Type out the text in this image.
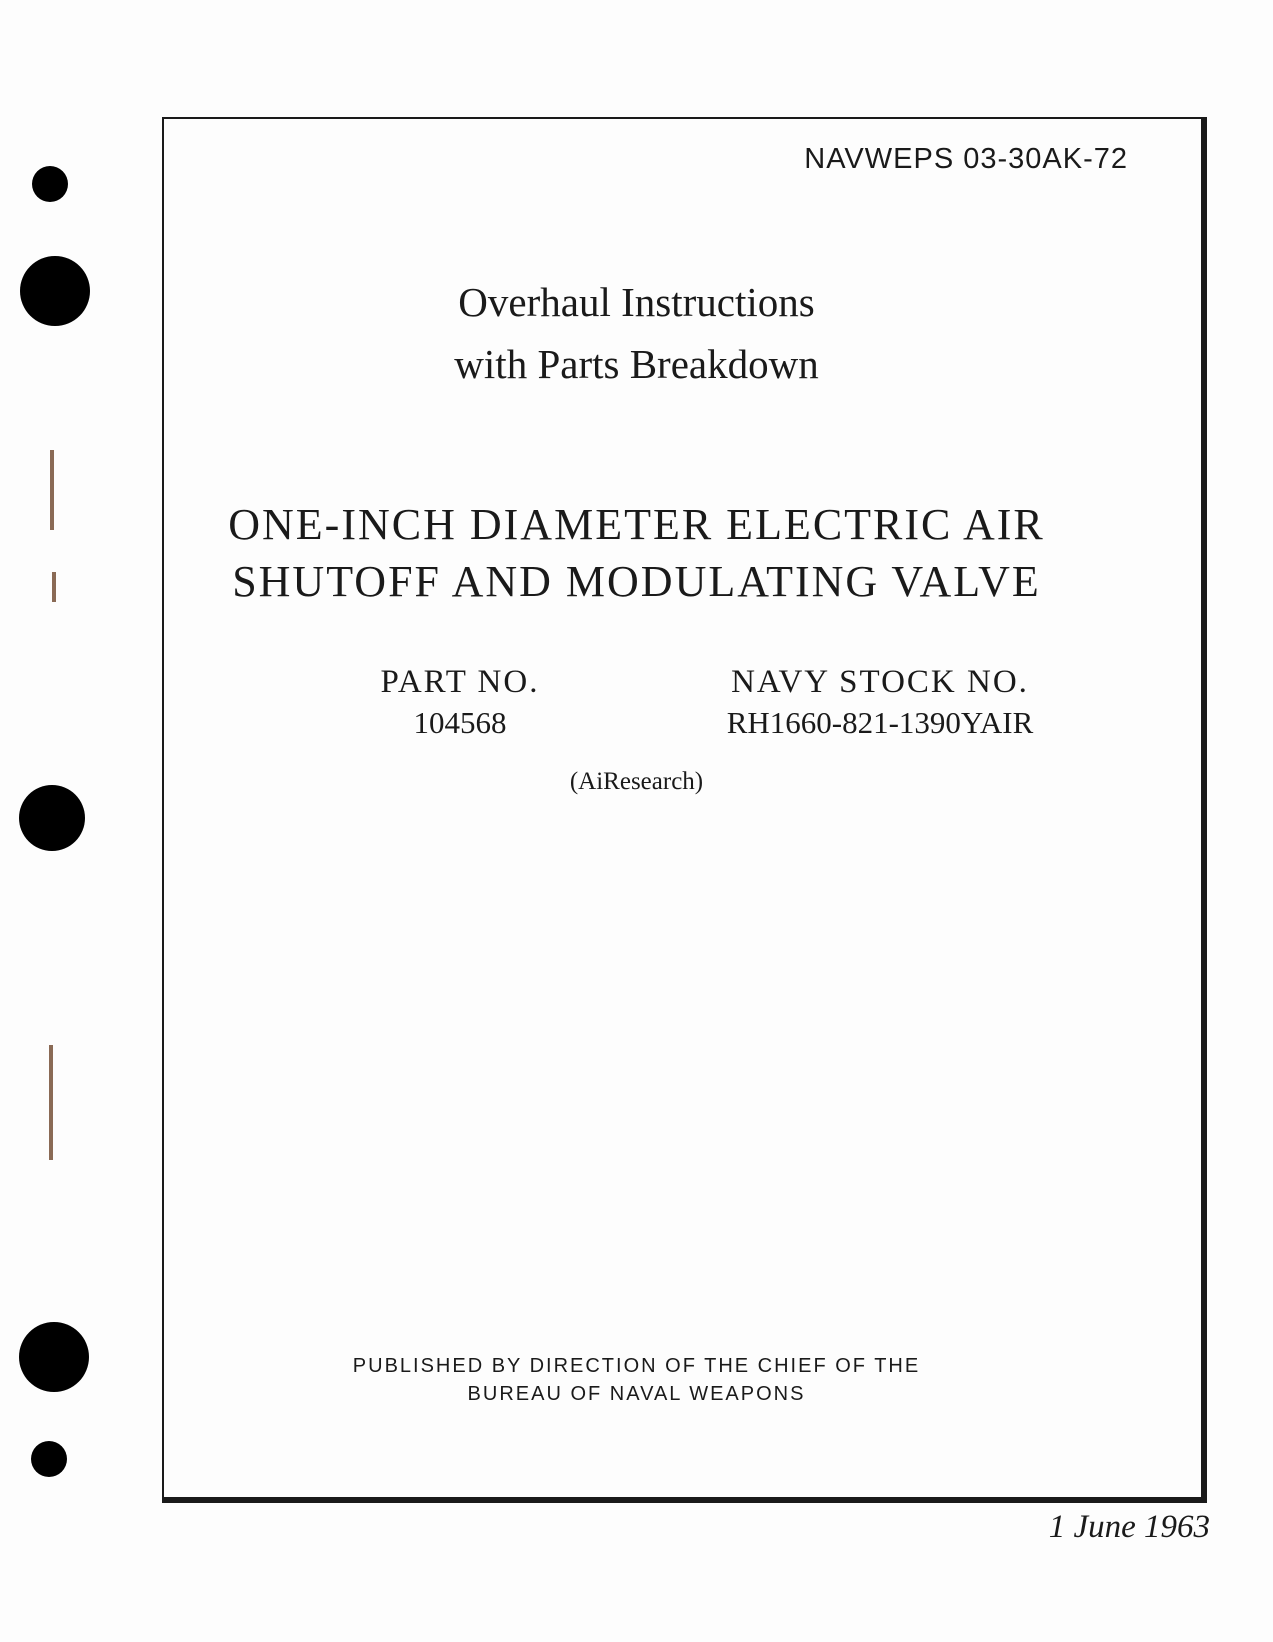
NAVWEPS 03-30AK-72
Overhaul Instructions
with Parts Breakdown
ONE-INCH DIAMETER ELECTRIC AIR
SHUTOFF AND MODULATING VALVE
PART NO.
104568
NAVY STOCK NO.
RH1660-821-1390YAIR
(AiResearch)
PUBLISHED BY DIRECTION OF THE CHIEF OF THE
BUREAU OF NAVAL WEAPONS
1 June 1963
